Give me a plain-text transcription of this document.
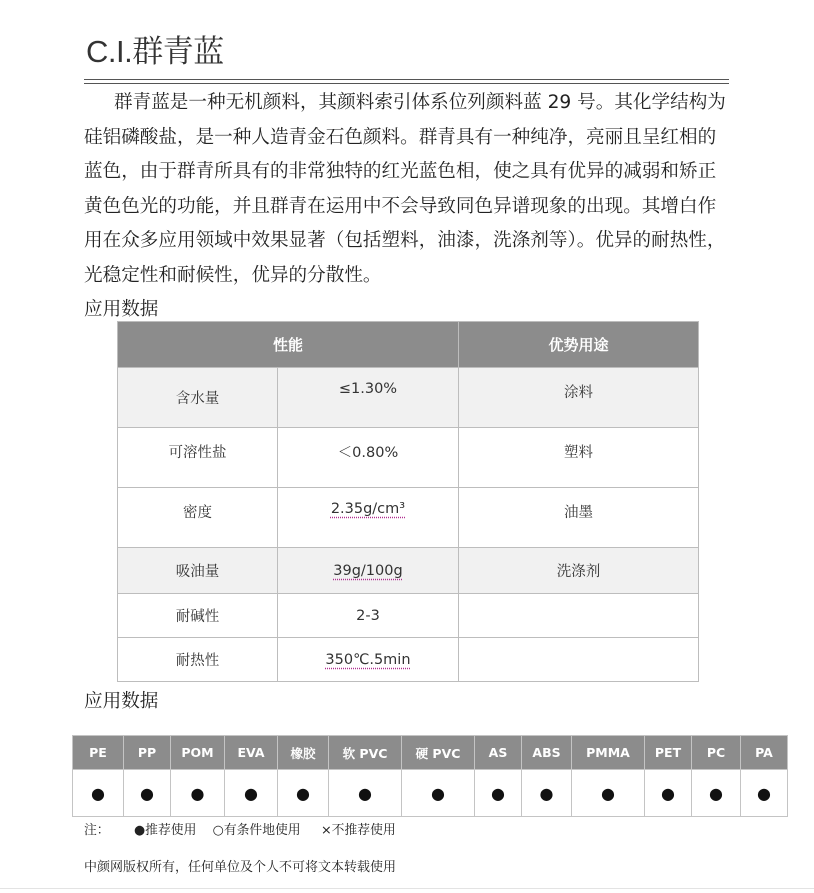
C.I.群青蓝

群青蓝是一种无机颜料，其颜料索引体系位列颜料蓝 29 号。其化学结构为硅铝磷酸盐，是一种人造青金石色颜料。群青具有一种纯净，亮丽且呈红相的蓝色，由于群青所具有的非常独特的红光蓝色相，使之具有优异的减弱和矫正黄色色光的功能，并且群青在运用中不会导致同色异谱现象的出现。其增白作用在众多应用领域中效果显著（包括塑料，油漆，洗涤剂等）。优异的耐热性，光稳定性和耐候性，优异的分散性。

应用数据

性能		优势用途
含水量	≤1.30%	涂料
可溶性盐	＜0.80%	塑料
密度	2.35g/cm³	油墨
吸油量	39g/100g	洗涤剂
耐碱性	2-3	
耐热性	350℃.5min	

应用数据

PE	PP	POM	EVA	橡胶	软 PVC	硬 PVC	AS	ABS	PMMA	PET	PC	PA
●	●	●	●	●	●	●	●	●	●	●	●	●

注： ●推荐使用 ○有条件地使用 ×不推荐使用

中颜网版权所有，任何单位及个人不可将文本转载使用
